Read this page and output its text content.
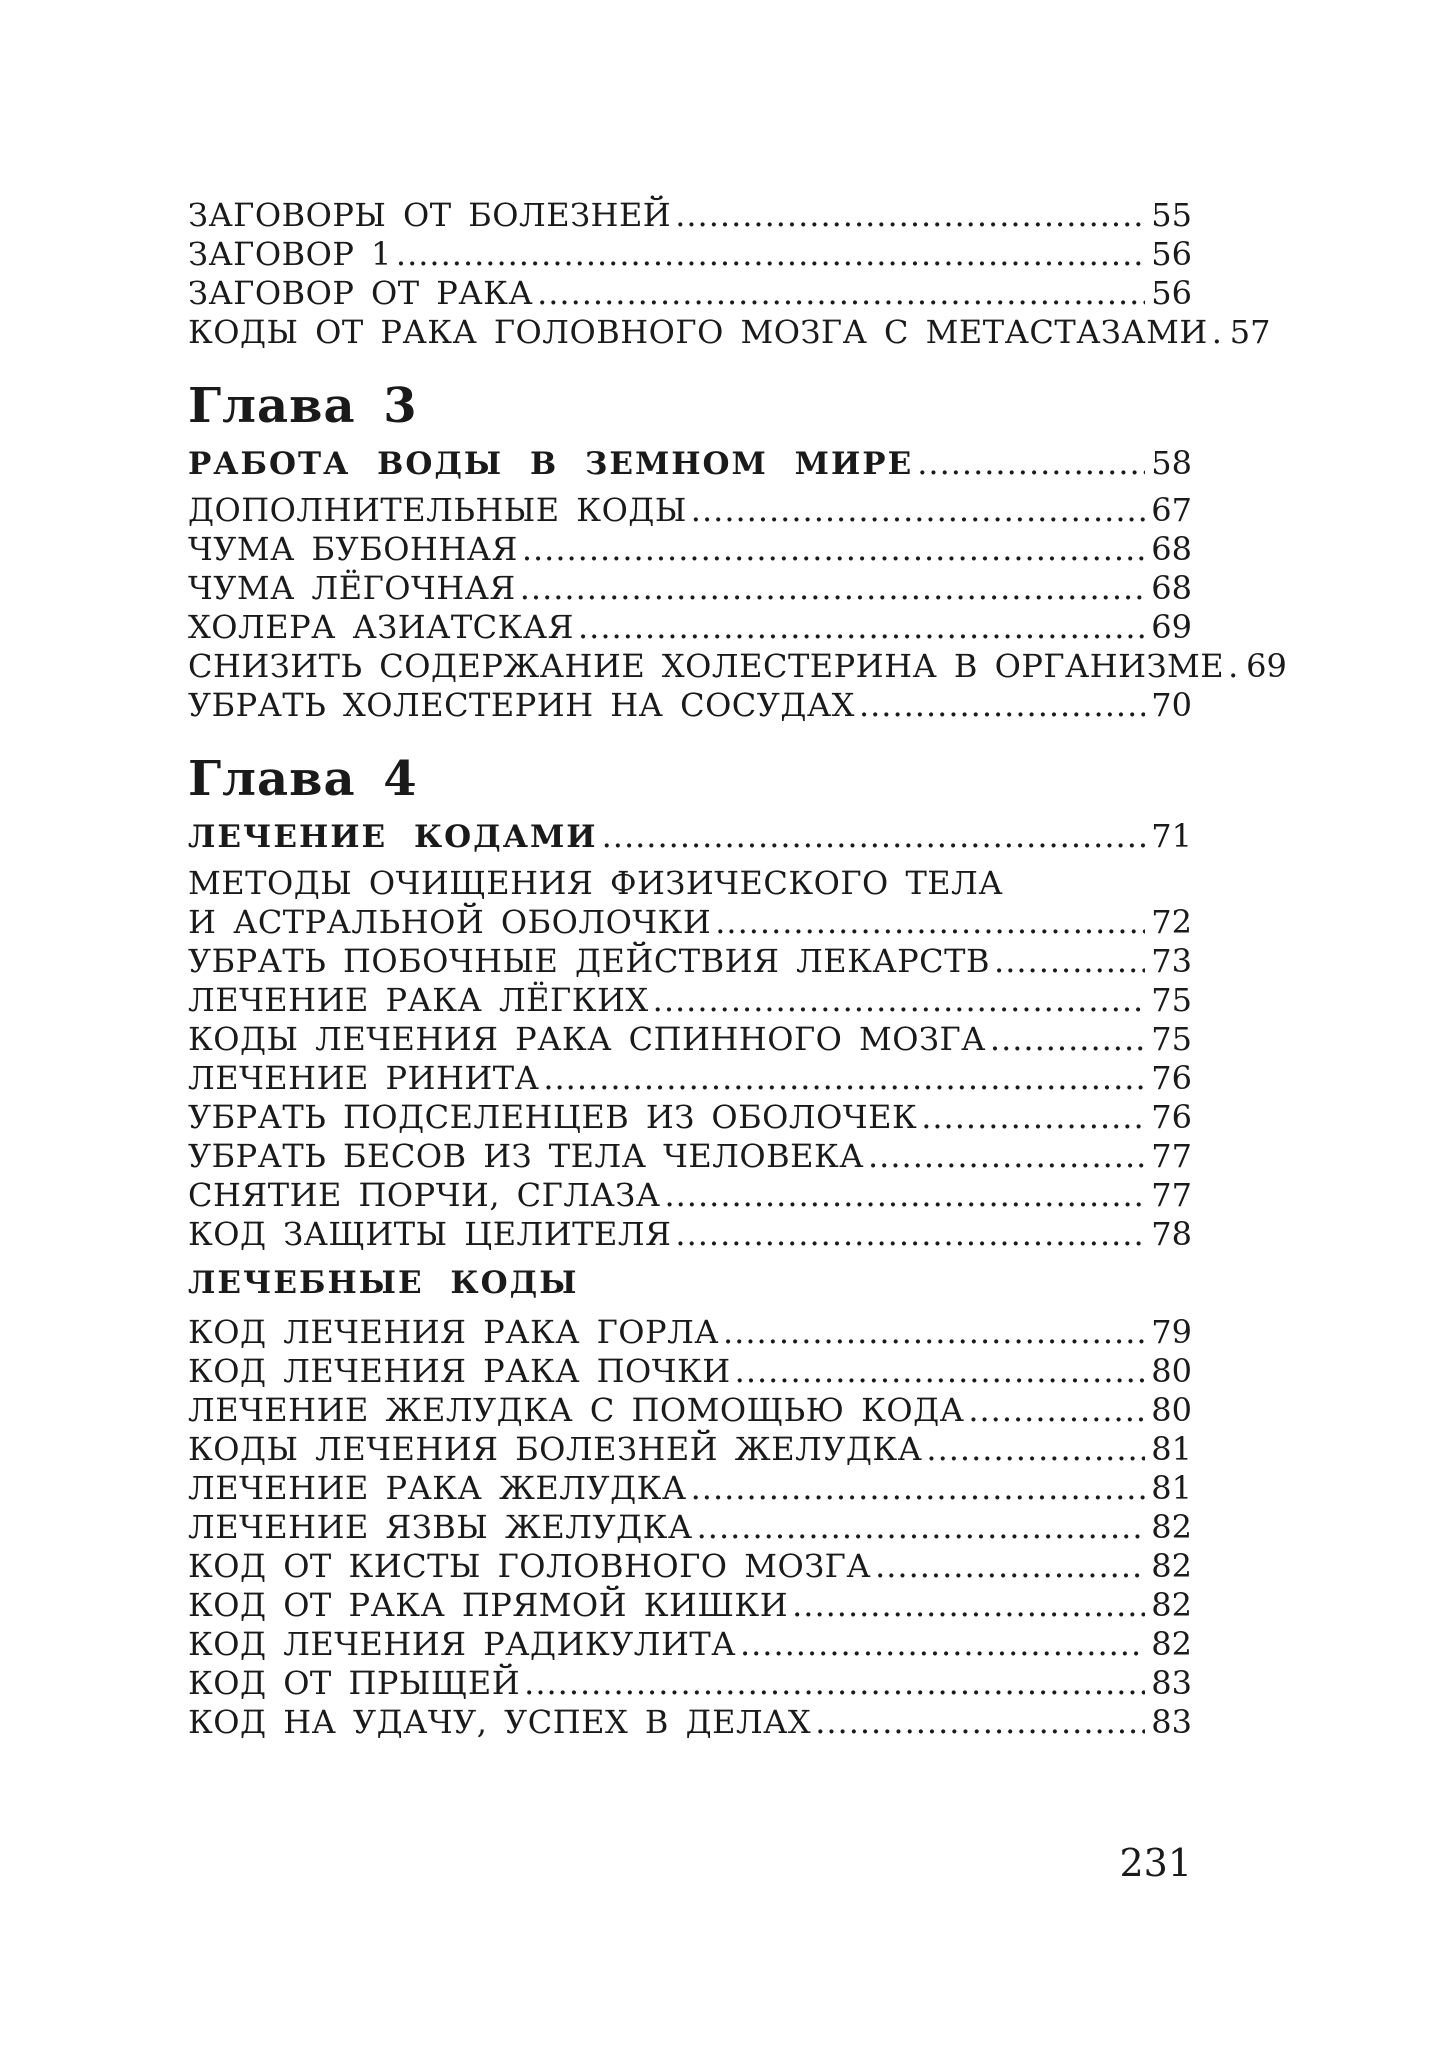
ЗАГОВОРЫ ОТ БОЛЕЗНЕЙ .....	55
ЗАГОВОР 1 .....	56
ЗАГОВОР ОТ РАКА .....	56
КОДЫ ОТ РАКА ГОЛОВНОГО МОЗГА С МЕТАСТАЗАМИ ..... 57
Глава 3
РАБОТА ВОДЫ В ЗЕМНОМ МИРЕ .....	58
ДОПОЛНИТЕЛЬНЫЕ КОДЫ .....	67
ЧУМА БУБОННАЯ .....	68
ЧУМА ЛЁГОЧНАЯ .....	68
ХОЛЕРА АЗИАТСКАЯ .....	69
СНИЗИТЬ СОДЕРЖАНИЕ ХОЛЕСТЕРИНА В ОРГАНИЗМЕ ..... 69
УБРАТЬ ХОЛЕСТЕРИН НА СОСУДАХ .....	70
Глава 4
ЛЕЧЕНИЕ КОДАМИ .....	71
МЕТОДЫ ОЧИЩЕНИЯ ФИЗИЧЕСКОГО ТЕЛА
И АСТРАЛЬНОЙ ОБОЛОЧКИ .....	72
УБРАТЬ ПОБОЧНЫЕ ДЕЙСТВИЯ ЛЕКАРСТВ .....	73
ЛЕЧЕНИЕ РАКА ЛЁГКИХ .....	75
КОДЫ ЛЕЧЕНИЯ РАКА СПИННОГО МОЗГА .....	75
ЛЕЧЕНИЕ РИНИТА .....	76
УБРАТЬ ПОДСЕЛЕНЦЕВ ИЗ ОБОЛОЧЕК .....	76
УБРАТЬ БЕСОВ ИЗ ТЕЛА ЧЕЛОВЕКА .....	77
СНЯТИЕ ПОРЧИ, СГЛАЗА .....	77
КОД ЗАЩИТЫ ЦЕЛИТЕЛЯ .....	78
ЛЕЧЕБНЫЕ КОДЫ
КОД ЛЕЧЕНИЯ РАКА ГОРЛА .....	79
КОД ЛЕЧЕНИЯ РАКА ПОЧКИ .....	80
ЛЕЧЕНИЕ ЖЕЛУДКА С ПОМОЩЬЮ КОДА .....	80
КОДЫ ЛЕЧЕНИЯ БОЛЕЗНЕЙ ЖЕЛУДКА .....	81
ЛЕЧЕНИЕ РАКА ЖЕЛУДКА .....	81
ЛЕЧЕНИЕ ЯЗВЫ ЖЕЛУДКА .....	82
КОД ОТ КИСТЫ ГОЛОВНОГО МОЗГА .....	82
КОД ОТ РАКА ПРЯМОЙ КИШКИ .....	82
КОД ЛЕЧЕНИЯ РАДИКУЛИТА .....	82
КОД ОТ ПРЫЩЕЙ .....	83
КОД НА УДАЧУ, УСПЕХ В ДЕЛАХ .....	83
231
